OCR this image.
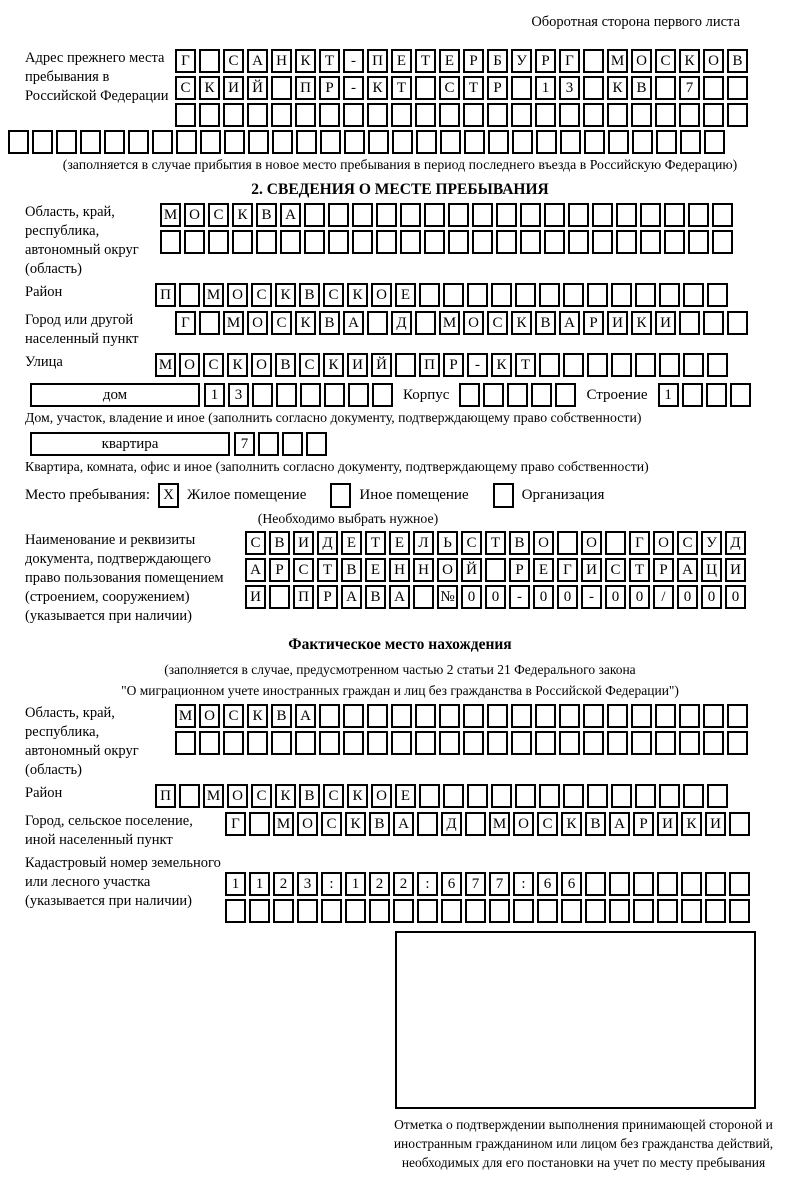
Оборотная сторона первого листа
Адрес прежнего места пребывания в Российской Федерации
Г	С А Н К Т	-	П Е Т Е	Р	Б У Р	Г	М О С К О В
С К И Й	П Р	-	К Т	С Т	Р	1	3	К В	7
(заполняется в случае прибытия в новое место пребывания в период последнего въезда в Российскую Федерацию)
2. СВЕДЕНИЯ О МЕСТЕ ПРЕБЫВАНИЯ
Область, край, республика, автономный округ (область)
М О С К В А
Район	П	М О С К В С К О Е
Город или другой населенный пункт
Г	М О С К В А	Д	М О С К В А Р И К И
Улица	М О С К О В С К И Й	П Р	-	К Т
дом	1	3	Корпус	Строение	1
Дом, участок, владение и иное (заполнить согласно документу, подтверждающему право собственности)
квартира	7
Квартира, комната, офис и иное (заполнить согласно документу, подтверждающему право собственности)
Место пребывания: X Жилое помещение	Иное помещение	Организация
(Необходимо выбрать нужное)
Наименование и реквизиты документа, подтверждающего право пользования помещением (строением, сооружением) (указывается при наличии)
С В И Д Е Т Е Л Ь С Т В О	О	Г О С У Д
А Р С Т В Е Н Н О Й	Р	Е	Г И С Т	Р А Ц И
И	П Р А В А	№ 0	0	-	0	0	-	0	0	/	0	0	0
Фактическое место нахождения
(заполняется в случае, предусмотренном частью 2 статьи 21 Федерального закона
"О миграционном учете иностранных граждан и лиц без гражданства в Российской Федерации")
Область, край, республика, автономный округ (область)
М О С К В А
Район	П	М О С К В С К О Е
Город, сельское поселение, иной населенный пункт
Г	М О С К В А	Д	М О С К В А Р И К И
Кадастровый номер земельного или лесного участка (указывается при наличии)
1	1	2	3	:	1	2	2	:	6	7	7	:	6	6
Отметка о подтверждении выполнения принимающей стороной и иностранным гражданином или лицом без гражданства действий, необходимых для его постановки на учет по месту пребывания
